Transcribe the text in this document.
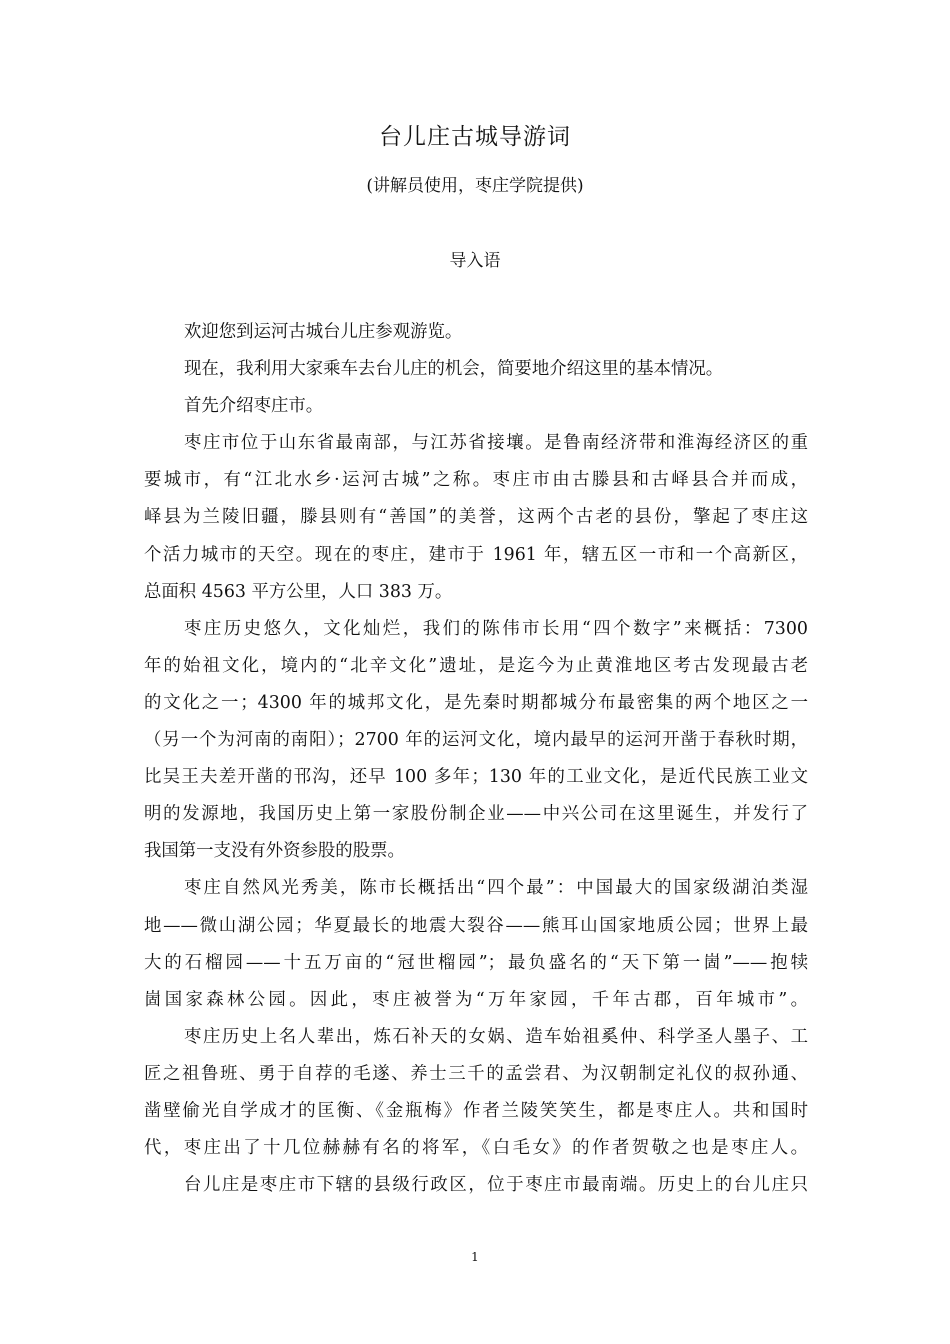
台儿庄古城导游词
(讲解员使用，枣庄学院提供)
导入语
欢迎您到运河古城台儿庄参观游览。
现在，我利用大家乘车去台儿庄的机会，简要地介绍这里的基本情况。
首先介绍枣庄市。
枣庄市位于山东省最南部，与江苏省接壤。是鲁南经济带和淮海经济区的重
要城市，有“江北水乡·运河古城”之称。枣庄市由古滕县和古峄县合并而成，
峄县为兰陵旧疆，滕县则有“善国”的美誉，这两个古老的县份，擎起了枣庄这
个活力城市的天空。现在的枣庄，建市于 1961 年，辖五区一市和一个高新区，
总面积 4563 平方公里，人口 383 万。
枣庄历史悠久，文化灿烂，我们的陈伟市长用“四个数字”来概括：7300
年的始祖文化，境内的“北辛文化”遗址，是迄今为止黄淮地区考古发现最古老
的文化之一；4300 年的城邦文化，是先秦时期都城分布最密集的两个地区之一
（另一个为河南的南阳）；2700 年的运河文化，境内最早的运河开凿于春秋时期，
比吴王夫差开凿的邗沟，还早 100 多年；130 年的工业文化，是近代民族工业文
明的发源地，我国历史上第一家股份制企业——中兴公司在这里诞生，并发行了
我国第一支没有外资参股的股票。
枣庄自然风光秀美，陈市长概括出“四个最”：中国最大的国家级湖泊类湿
地——微山湖公园；华夏最长的地震大裂谷——熊耳山国家地质公园；世界上最
大的石榴园——十五万亩的“冠世榴园”；最负盛名的“天下第一崮”——抱犊
崮国家森林公园。因此，枣庄被誉为“万年家园，千年古郡，百年城市”。
枣庄历史上名人辈出，炼石补天的女娲、造车始祖奚仲、科学圣人墨子、工
匠之祖鲁班、勇于自荐的毛遂、养士三千的孟尝君、为汉朝制定礼仪的叔孙通、
凿壁偷光自学成才的匡衡、《金瓶梅》作者兰陵笑笑生，都是枣庄人。共和国时
代，枣庄出了十几位赫赫有名的将军，《白毛女》的作者贺敬之也是枣庄人。
台儿庄是枣庄市下辖的县级行政区，位于枣庄市最南端。历史上的台儿庄只
1
